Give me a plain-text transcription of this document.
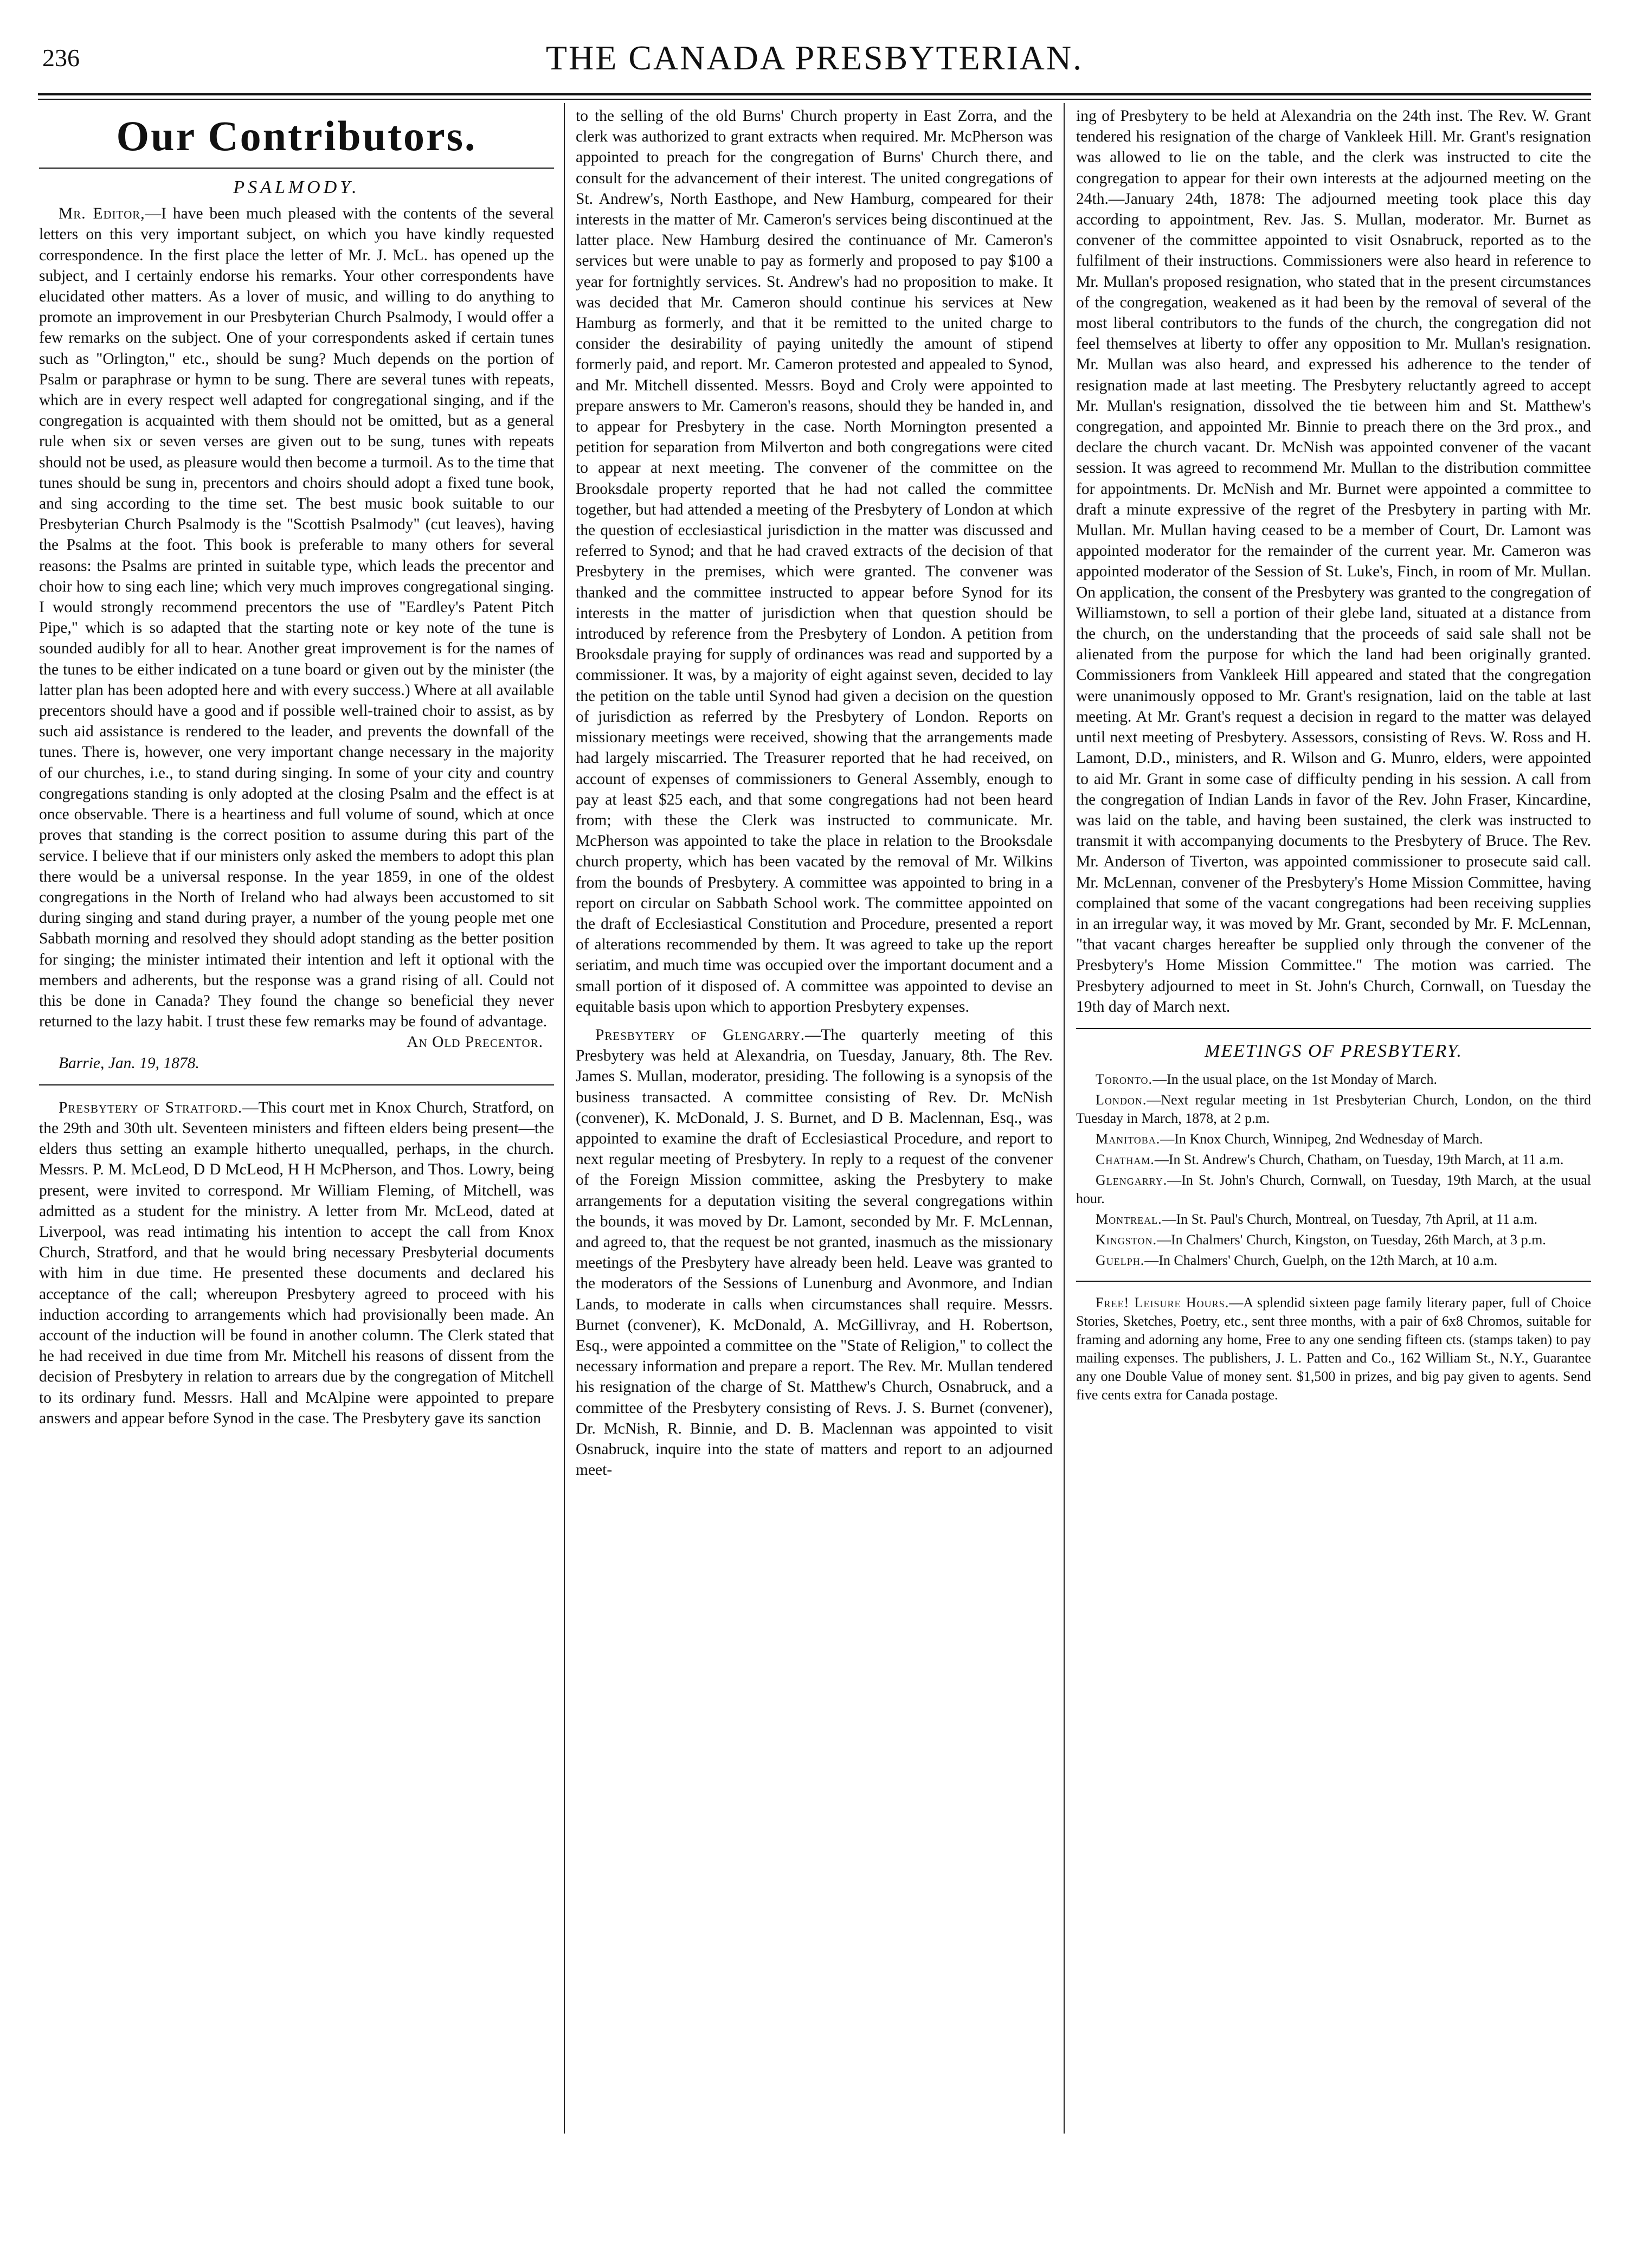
236	THE CANADA PRESBYTERIAN.
Our Contributors.
PSALMODY.

Mr. Editor,—I have been much pleased with the contents of the several letters on this very important subject, on which you have kindly requested correspondence. In the first place the letter of Mr. J. McL. has opened up the subject, and I certainly endorse his remarks. Your other correspondents have elucidated other matters. As a lover of music, and willing to do anything to promote an improvement in our Presbyterian Church Psalmody, I would offer a few remarks on the subject. One of your correspondents asked if certain tunes such as "Orlington," etc., should be sung? Much depends on the portion of Psalm or paraphrase or hymn to be sung. There are several tunes with repeats, which are in every respect well adapted for congregational singing, and if the congregation is acquainted with them should not be omitted, but as a general rule when six or seven verses are given out to be sung, tunes with repeats should not be used, as pleasure would then become a turmoil. As to the time that tunes should be sung in, precentors and choirs should adopt a fixed tune book, and sing according to the time set. The best music book suitable to our Presbyterian Church Psalmody is the "Scottish Psalmody" (cut leaves), having the Psalms at the foot. This book is preferable to many others for several reasons: the Psalms are printed in suitable type, which leads the precentor and choir how to sing each line; which very much improves congregational singing. I would strongly recommend precentors the use of "Eardley's Patent Pitch Pipe," which is so adapted that the starting note or key note of the tune is sounded audibly for all to hear. Another great improvement is for the names of the tunes to be either indicated on a tune board or given out by the minister (the latter plan has been adopted here and with every success.) Where at all available precentors should have a good and if possible well-trained choir to assist, as by such aid assistance is rendered to the leader, and prevents the downfall of the tunes. There is, however, one very important change necessary in the majority of our churches, i.e., to stand during singing. In some of your city and country congregations standing is only adopted at the closing Psalm and the effect is at once observable. There is a heartiness and full volume of sound, which at once proves that standing is the correct position to assume during this part of the service. I believe that if our ministers only asked the members to adopt this plan there would be a universal response. In the year 1859, in one of the oldest congregations in the North of Ireland who had always been accustomed to sit during singing and stand during prayer, a number of the young people met one Sabbath morning and resolved they should adopt standing as the better position for singing; the minister intimated their intention and left it optional with the members and adherents, but the response was a grand rising of all. Could not this be done in Canada? They found the change so beneficial they never returned to the lazy habit. I trust these few remarks may be found of advantage.

An Old Precentor.
Barrie, Jan. 19, 1878.

Presbytery of Stratford.—This court met in Knox Church, Stratford, on the 29th and 30th ult. Seventeen ministers and fifteen elders being present—the elders thus setting an example hitherto unequalled, perhaps, in the church. Messrs. P. M. McLeod, D D McLeod, H H McPherson, and Thos. Lowry, being present, were invited to correspond. Mr William Fleming, of Mitchell, was admitted as a student for the ministry. A letter from Mr. McLeod, dated at Liverpool, was read intimating his intention to accept the call from Knox Church, Stratford, and that he would bring necessary Presbyterial documents with him in due time. He presented these documents and declared his acceptance of the call; whereupon Presbytery agreed to proceed with his induction according to arrangements which had provisionally been made. An account of the induction will be found in another column. The Clerk stated that he had received in due time from Mr. Mitchell his reasons of dissent from the decision of Presbytery in relation to arrears due by the congregation of Mitchell to its ordinary fund. Messrs. Hall and McAlpine were appointed to prepare answers and appear before Synod in the case. The Presbytery gave its sanction

to the selling of the old Burns' Church property in East Zorra, and the clerk was authorized to grant extracts when required. Mr. McPherson was appointed to preach for the congregation of Burns' Church there, and consult for the advancement of their interest. The united congregations of St. Andrew's, North Easthope, and New Hamburg, compeared for their interests in the matter of Mr. Cameron's services being discontinued at the latter place. New Hamburg desired the continuance of Mr. Cameron's services but were unable to pay as formerly and proposed to pay $100 a year for fortnightly services. St. Andrew's had no proposition to make. It was decided that Mr. Cameron should continue his services at New Hamburg as formerly, and that it be remitted to the united charge to consider the desirability of paying unitedly the amount of stipend formerly paid, and report. Mr. Cameron protested and appealed to Synod, and Mr. Mitchell dissented. Messrs. Boyd and Croly were appointed to prepare answers to Mr. Cameron's reasons, should they be handed in, and to appear for Presbytery in the case. North Mornington presented a petition for separation from Milverton and both congregations were cited to appear at next meeting. The convener of the committee on the Brooksdale property reported that he had not called the committee together, but had attended a meeting of the Presbytery of London at which the question of ecclesiastical jurisdiction in the matter was discussed and referred to Synod; and that he had craved extracts of the decision of that Presbytery in the premises, which were granted. The convener was thanked and the committee instructed to appear before Synod for its interests in the matter of jurisdiction when that question should be introduced by reference from the Presbytery of London. A petition from Brooksdale praying for supply of ordinances was read and supported by a commissioner. It was, by a majority of eight against seven, decided to lay the petition on the table until Synod had given a decision on the question of jurisdiction as referred by the Presbytery of London. Reports on missionary meetings were received, showing that the arrangements made had largely miscarried. The Treasurer reported that he had received, on account of expenses of commissioners to General Assembly, enough to pay at least $25 each, and that some congregations had not been heard from; with these the Clerk was instructed to communicate. Mr. McPherson was appointed to take the place in relation to the Brooksdale church property, which has been vacated by the removal of Mr. Wilkins from the bounds of Presbytery. A committee was appointed to bring in a report on circular on Sabbath School work. The committee appointed on the draft of Ecclesiastical Constitution and Procedure, presented a report of alterations recommended by them. It was agreed to take up the report seriatim, and much time was occupied over the important document and a small portion of it disposed of. A committee was appointed to devise an equitable basis upon which to apportion Presbytery expenses.

Presbytery of Glengarry.—The quarterly meeting of this Presbytery was held at Alexandria, on Tuesday, January, 8th. The Rev. James S. Mullan, moderator, presiding. The following is a synopsis of the business transacted. A committee consisting of Rev. Dr. McNish (convener), K. McDonald, J. S. Burnet, and D B. Maclennan, Esq., was appointed to examine the draft of Ecclesiastical Procedure, and report to next regular meeting of Presbytery. In reply to a request of the convener of the Foreign Mission committee, asking the Presbytery to make arrangements for a deputation visiting the several congregations within the bounds, it was moved by Dr. Lamont, seconded by Mr. F. McLennan, and agreed to, that the request be not granted, inasmuch as the missionary meetings of the Presbytery have already been held. Leave was granted to the moderators of the Sessions of Lunenburg and Avonmore, and Indian Lands, to moderate in calls when circumstances shall require. Messrs. Burnet (convener), K. McDonald, A. McGillivray, and H. Robertson, Esq., were appointed a committee on the "State of Religion," to collect the necessary information and prepare a report. The Rev. Mr. Mullan tendered his resignation of the charge of St. Matthew's Church, Osnabruck, and a committee of the Presbytery consisting of Revs. J. S. Burnet (convener), Dr. McNish, R. Binnie, and D. B. Maclennan was appointed to visit Osnabruck, inquire into the state of matters and report to an adjourned meet-

ing of Presbytery to be held at Alexandria on the 24th inst. The Rev. W. Grant tendered his resignation of the charge of Vankleek Hill. Mr. Grant's resignation was allowed to lie on the table, and the clerk was instructed to cite the congregation to appear for their own interests at the adjourned meeting on the 24th.—January 24th, 1878: The adjourned meeting took place this day according to appointment, Rev. Jas. S. Mullan, moderator. Mr. Burnet as convener of the committee appointed to visit Osnabruck, reported as to the fulfilment of their instructions. Commissioners were also heard in reference to Mr. Mullan's proposed resignation, who stated that in the present circumstances of the congregation, weakened as it had been by the removal of several of the most liberal contributors to the funds of the church, the congregation did not feel themselves at liberty to offer any opposition to Mr. Mullan's resignation. Mr. Mullan was also heard, and expressed his adherence to the tender of resignation made at last meeting. The Presbytery reluctantly agreed to accept Mr. Mullan's resignation, dissolved the tie between him and St. Matthew's congregation, and appointed Mr. Binnie to preach there on the 3rd prox., and declare the church vacant. Dr. McNish was appointed convener of the vacant session. It was agreed to recommend Mr. Mullan to the distribution committee for appointments. Dr. McNish and Mr. Burnet were appointed a committee to draft a minute expressive of the regret of the Presbytery in parting with Mr. Mullan. Mr. Mullan having ceased to be a member of Court, Dr. Lamont was appointed moderator for the remainder of the current year. Mr. Cameron was appointed moderator of the Session of St. Luke's, Finch, in room of Mr. Mullan. On application, the consent of the Presbytery was granted to the congregation of Williamstown, to sell a portion of their glebe land, situated at a distance from the church, on the understanding that the proceeds of said sale shall not be alienated from the purpose for which the land had been originally granted. Commissioners from Vankleek Hill appeared and stated that the congregation were unanimously opposed to Mr. Grant's resignation, laid on the table at last meeting. At Mr. Grant's request a decision in regard to the matter was delayed until next meeting of Presbytery. Assessors, consisting of Revs. W. Ross and H. Lamont, D.D., ministers, and R. Wilson and G. Munro, elders, were appointed to aid Mr. Grant in some case of difficulty pending in his session. A call from the congregation of Indian Lands in favor of the Rev. John Fraser, Kincardine, was laid on the table, and having been sustained, the clerk was instructed to transmit it with accompanying documents to the Presbytery of Bruce. The Rev. Mr. Anderson of Tiverton, was appointed commissioner to prosecute said call. Mr. McLennan, convener of the Presbytery's Home Mission Committee, having complained that some of the vacant congregations had been receiving supplies in an irregular way, it was moved by Mr. Grant, seconded by Mr. F. McLennan, "that vacant charges hereafter be supplied only through the convener of the Presbytery's Home Mission Committee." The motion was carried. The Presbytery adjourned to meet in St. John's Church, Cornwall, on Tuesday the 19th day of March next.

MEETINGS OF PRESBYTERY.

Toronto.—In the usual place, on the 1st Monday of March.

London.—Next regular meeting in 1st Presbyterian Church, London, on the third Tuesday in March, 1878, at 2 p.m.

Manitoba.—In Knox Church, Winnipeg, 2nd Wednesday of March.

Chatham.—In St. Andrew's Church, Chatham, on Tuesday, 19th March, at 11 a.m.

Glengarry.—In St. John's Church, Cornwall, on Tuesday, 19th March, at the usual hour.

Montreal.—In St. Paul's Church, Montreal, on Tuesday, 7th April, at 11 a.m.

Kingston.—In Chalmers' Church, Kingston, on Tuesday, 26th March, at 3 p.m.

Guelph.—In Chalmers' Church, Guelph, on the 12th March, at 10 a.m.

Free! Leisure Hours.—A splendid sixteen page family literary paper, full of Choice Stories, Sketches, Poetry, etc., sent three months, with a pair of 6x8 Chromos, suitable for framing and adorning any home, Free to any one sending fifteen cts. (stamps taken) to pay mailing expenses. The publishers, J. L. Patten and Co., 162 William St., N.Y., Guarantee any one Double Value of money sent. $1,500 in prizes, and big pay given to agents. Send five cents extra for Canada postage.
